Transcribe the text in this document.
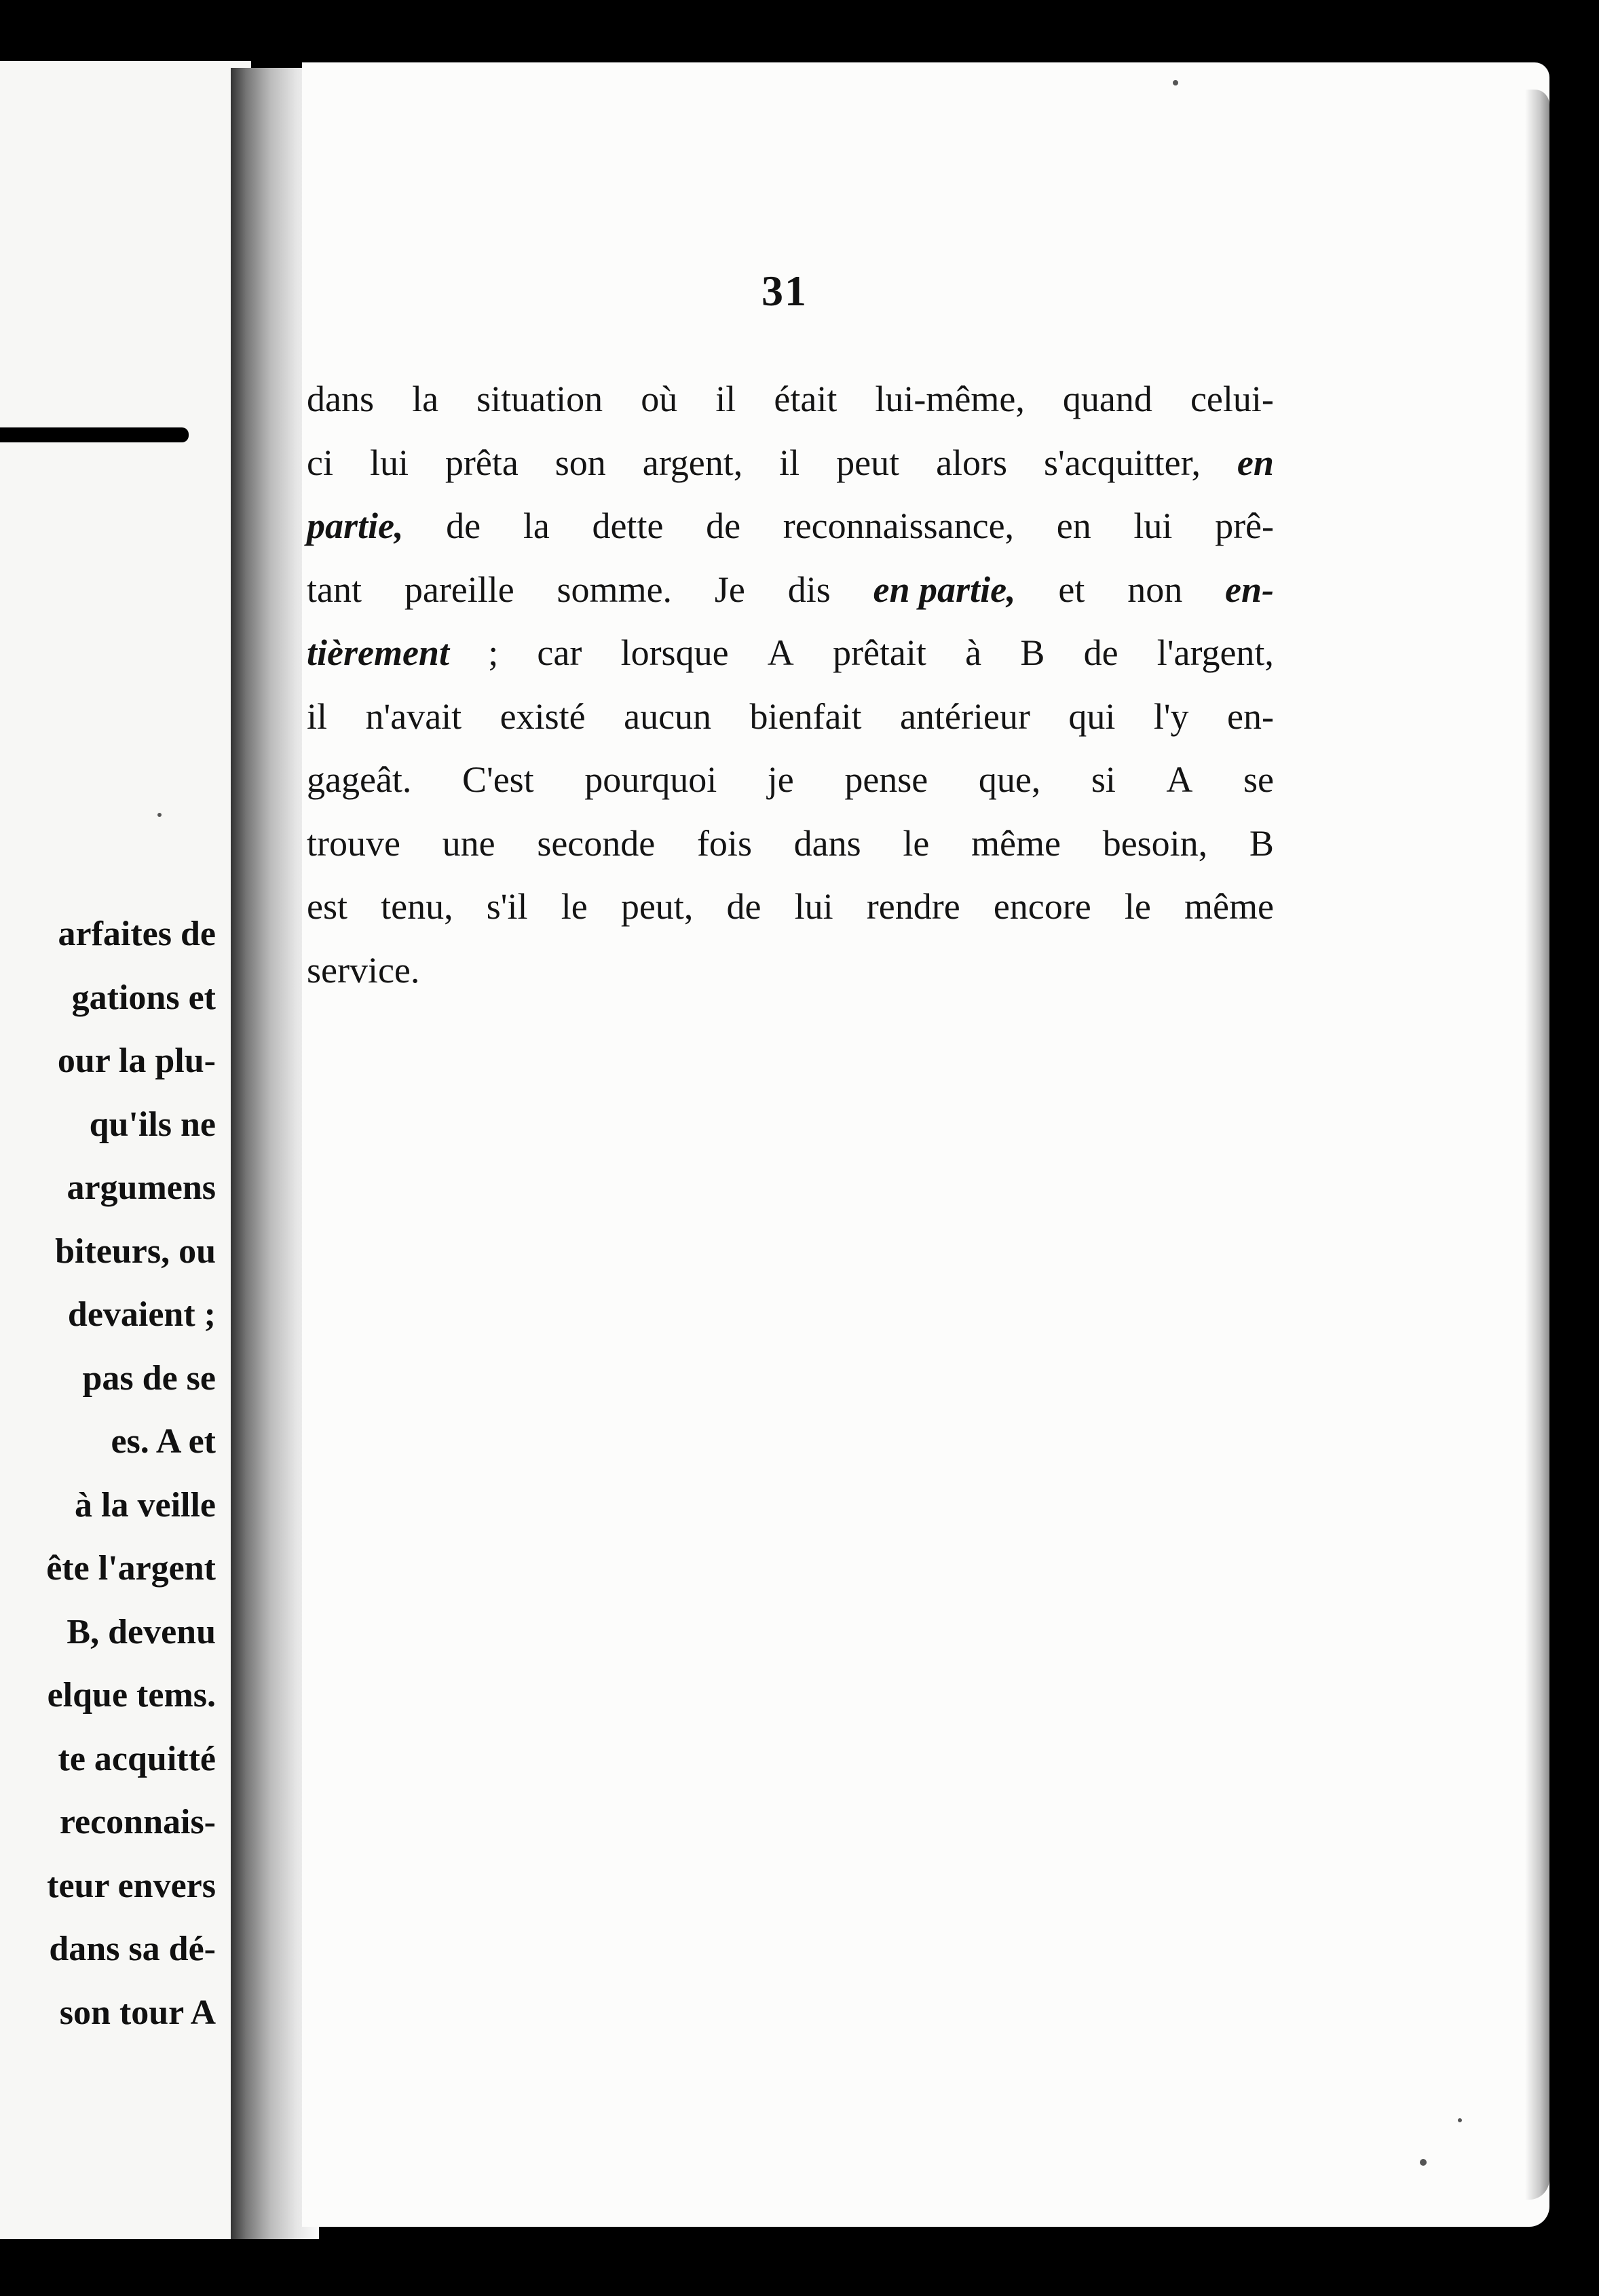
arfaites de
gations et
our la plu-
qu'ils ne
argumens
biteurs, ou
devaient ;
pas de se
es. A et
à la veille
ête l'argent
B, devenu
elque tems.
te acquitté
reconnais-
teur envers
dans sa dé-
son tour A
31
dans la situation où il était lui-même, quand celui-
ci lui prêta son argent, il peut alors s'acquitter, en
partie, de la dette de reconnaissance, en lui prê-
tant pareille somme. Je dis en partie, et non en-
tièrement ; car lorsque A prêtait à B de l'argent,
il n'avait existé aucun bienfait antérieur qui l'y en-
gageât. C'est pourquoi je pense que, si A se
trouve une seconde fois dans le même besoin, B
est tenu, s'il le peut, de lui rendre encore le même
service.
